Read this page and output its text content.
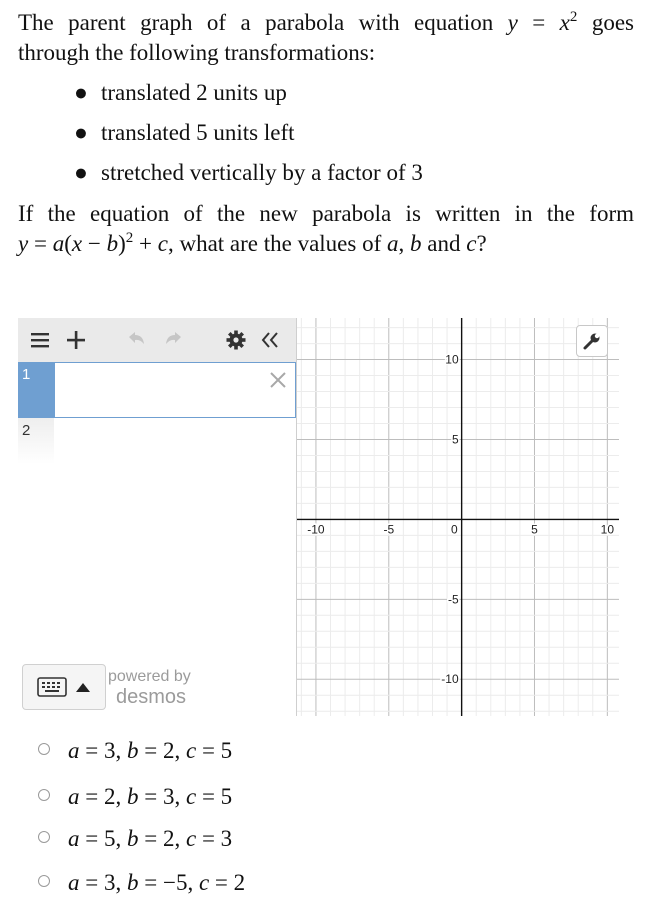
The parent graph of a parabola with equation $y = x^2$ goes
through the following transformations:
● translated 2 units up
● translated 5 units left
● stretched vertically by a factor of 3
If the equation of the new parabola is written in the form
$y = a(x - b)^2 + c$, what are the values of a, b and c?
1
2
powered by
desmos
-10	-5	0	5	10
10
5
-5
-10
a = 3, b = 2, c = 5
a = 2, b = 3, c = 5
a = 5, b = 2, c = 3
a = 3, b = −5, c = 2
